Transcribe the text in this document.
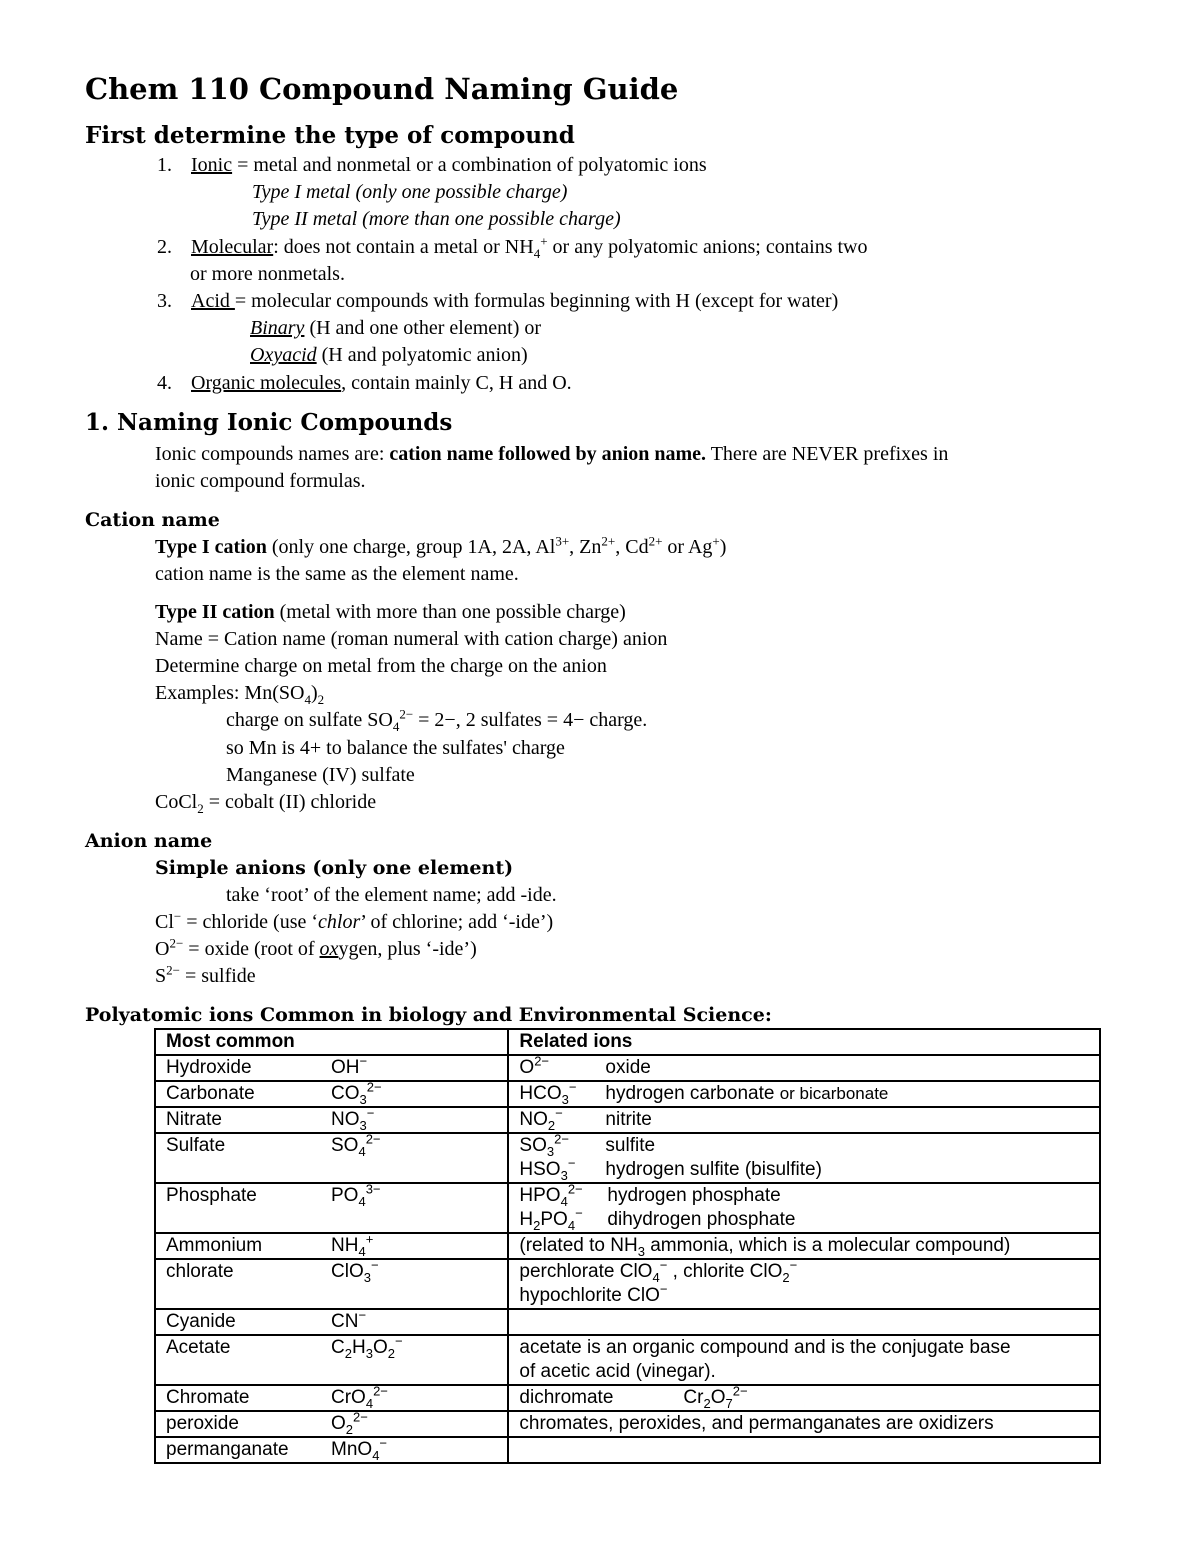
Chem 110 Compound Naming Guide
First determine the type of compound
1. Ionic = metal and nonmetal or a combination of polyatomic ions
Type I metal (only one possible charge)
Type II metal (more than one possible charge)
2. Molecular: does not contain a metal or $NH_4^+$ or any polyatomic anions; contains two
or more nonmetals.
3. Acid = molecular compounds with formulas beginning with H (except for water)
Binary (H and one other element) or
Oxyacid (H and polyatomic anion)
4. Organic molecules, contain mainly C, H and O.
1. Naming Ionic Compounds
Ionic compounds names are: cation name followed by anion name. There are NEVER prefixes in
ionic compound formulas.
Cation name
Type I cation (only one charge, group 1A, 2A, $Al^{3+}$, $Zn^{2+}$, $Cd^{2+}$ or Ag+)
cation name is the same as the element name.
Type II cation (metal with more than one possible charge)
Name = Cation name (roman numeral with cation charge) anion
Determine charge on metal from the charge on the anion
Examples: $Mn(SO_4)_2$
charge on sulfate $SO_4^{2-} = 2-$, 2 sulfates = 4− charge.
so Mn is 4+ to balance the sulfates' charge
Manganese (IV) sulfate
CoCl$_2$ = cobalt (II) chloride
Anion name
Simple anions (only one element)
take ‘root’ of the element name; add -ide.
Cl− = chloride (use ‘chlor’ of chlorine; add ‘-ide’)
$O^{2-}$ = oxide (root of oxygen, plus ‘-ide’)
$S^{2-}$ = sulfide
Polyatomic ions Common in biology and Environmental Science:
Most common	Related ions
Hydroxide OH−	$O^{2-}$ oxide
Carbonate $CO_3^{2-}$	$HCO_3^-$ hydrogen carbonate or bicarbonate
Nitrate $NO_3^-$	$NO_2^-$ nitrite
Sulfate $SO_4^{2-}$	$SO_3^{2-}$ sulfite
$HSO_3^-$ hydrogen sulfite (bisulfite)
Phosphate $PO_4^{3-}$	$HPO_4^{2-}$ hydrogen phosphate
$H_2PO_4^-$ dihydrogen phosphate
Ammonium $NH_4^+$	(related to $NH_3$ ammonia, which is a molecular compound)
chlorate ClO$_3$−	perchlorate ClO$_4$− , chlorite ClO$_2$−
hypochlorite ClO−
Cyanide CN−	
Acetate $C_2H_3O_2^-$	acetate is an organic compound and is the conjugate base
of acetic acid (vinegar).
Chromate CrO$_4^{2-}$	dichromate $Cr_2O_7^{2-}$
peroxide $O_2^{2-}$	chromates, peroxides, and permanganates are oxidizers
permanganate MnO$_4$−	
